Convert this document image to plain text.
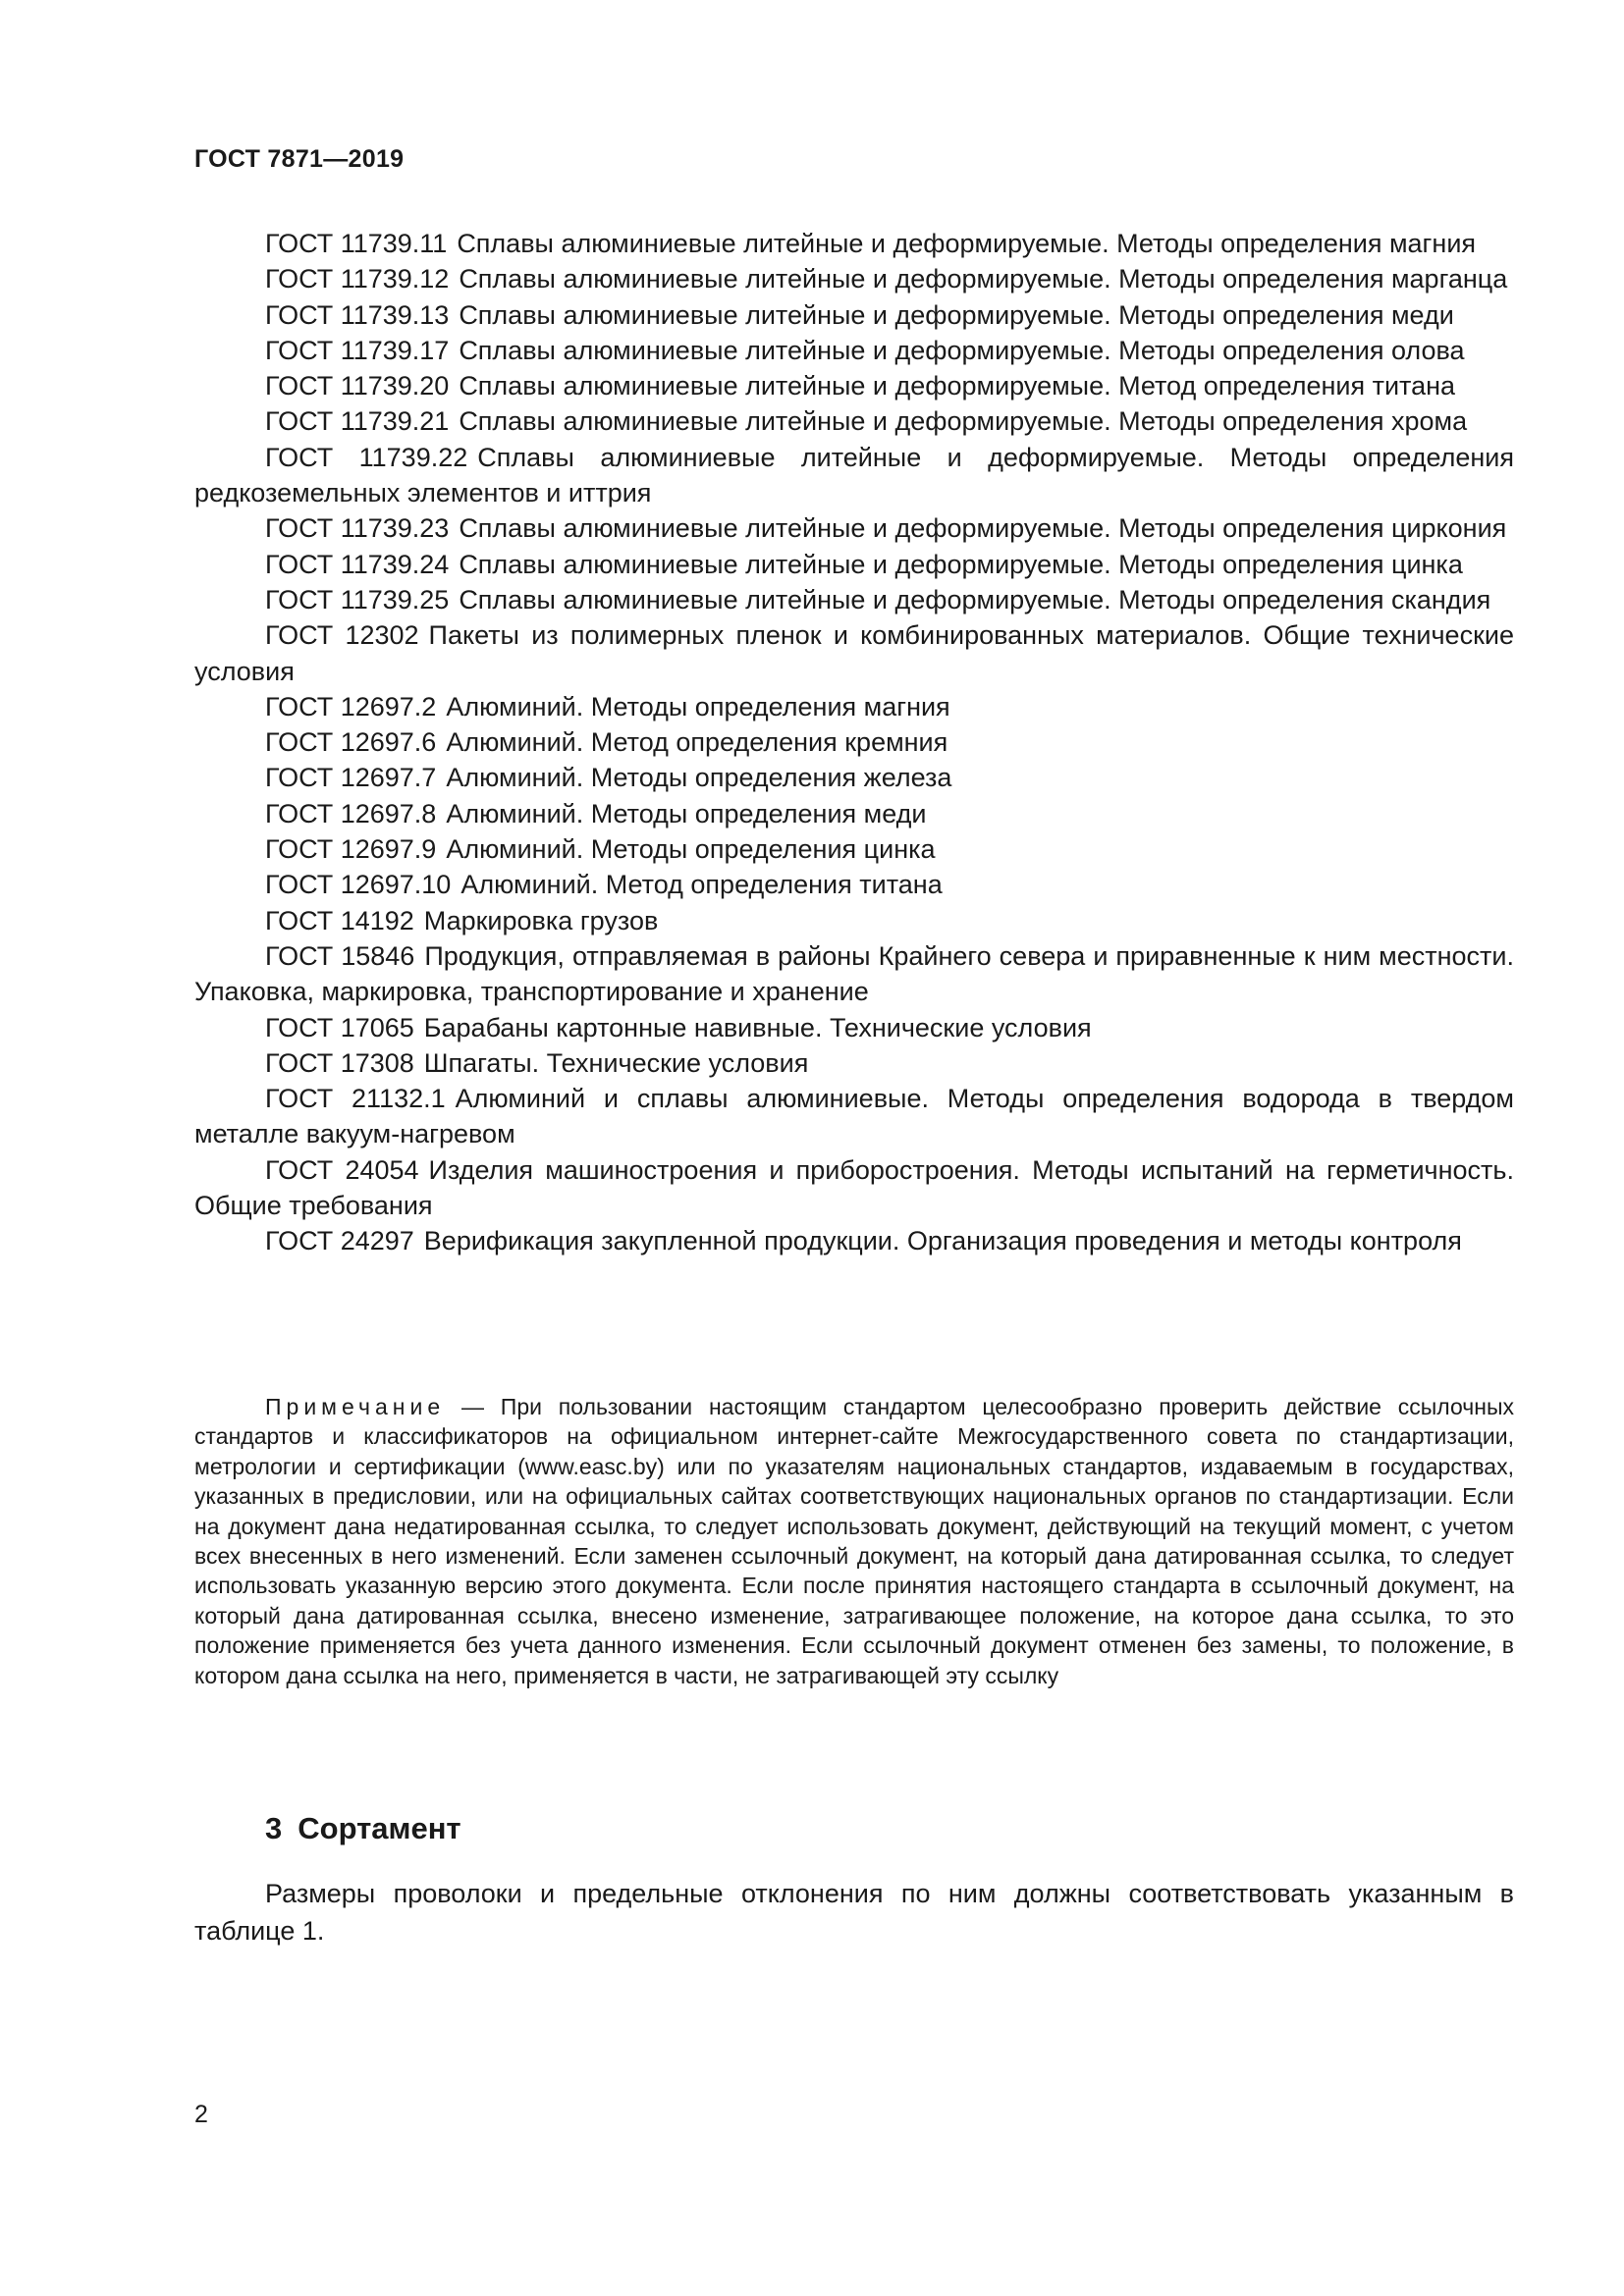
ГОСТ 7871—2019

ГОСТ 11739.11 Сплавы алюминиевые литейные и деформируемые. Методы определения магния

ГОСТ 11739.12 Сплавы алюминиевые литейные и деформируемые. Методы определения марганца

ГОСТ 11739.13 Сплавы алюминиевые литейные и деформируемые. Методы определения меди

ГОСТ 11739.17 Сплавы алюминиевые литейные и деформируемые. Методы определения олова

ГОСТ 11739.20 Сплавы алюминиевые литейные и деформируемые. Метод определения титана

ГОСТ 11739.21 Сплавы алюминиевые литейные и деформируемые. Методы определения хрома

ГОСТ 11739.22 Сплавы алюминиевые литейные и деформируемые. Методы определения редкоземельных элементов и иттрия

ГОСТ 11739.23 Сплавы алюминиевые литейные и деформируемые. Методы определения циркония

ГОСТ 11739.24 Сплавы алюминиевые литейные и деформируемые. Методы определения цинка

ГОСТ 11739.25 Сплавы алюминиевые литейные и деформируемые. Методы определения скандия

ГОСТ 12302 Пакеты из полимерных пленок и комбинированных материалов. Общие технические условия

ГОСТ 12697.2 Алюминий. Методы определения магния

ГОСТ 12697.6 Алюминий. Метод определения кремния

ГОСТ 12697.7 Алюминий. Методы определения железа

ГОСТ 12697.8 Алюминий. Методы определения меди

ГОСТ 12697.9 Алюминий. Методы определения цинка

ГОСТ 12697.10 Алюминий. Метод определения титана

ГОСТ 14192 Маркировка грузов

ГОСТ 15846 Продукция, отправляемая в районы Крайнего севера и приравненные к ним местности. Упаковка, маркировка, транспортирование и хранение

ГОСТ 17065 Барабаны картонные навивные. Технические условия

ГОСТ 17308 Шпагаты. Технические условия

ГОСТ 21132.1 Алюминий и сплавы алюминиевые. Методы определения водорода в твердом металле вакуум-нагревом

ГОСТ 24054 Изделия машиностроения и приборостроения. Методы испытаний на герметичность. Общие требования

ГОСТ 24297 Верификация закупленной продукции. Организация проведения и методы контроля

Примечание — При пользовании настоящим стандартом целесообразно проверить действие ссылочных стандартов и классификаторов на официальном интернет-сайте Межгосударственного совета по стандартизации, метрологии и сертификации (www.easc.by) или по указателям национальных стандартов, издаваемым в государствах, указанных в предисловии, или на официальных сайтах соответствующих национальных органов по стандартизации. Если на документ дана недатированная ссылка, то следует использовать документ, действующий на текущий момент, с учетом всех внесенных в него изменений. Если заменен ссылочный документ, на который дана датированная ссылка, то следует использовать указанную версию этого документа. Если после принятия настоящего стандарта в ссылочный документ, на который дана датированная ссылка, внесено изменение, затрагивающее положение, на которое дана ссылка, то это положение применяется без учета данного изменения. Если ссылочный документ отменен без замены, то положение, в котором дана ссылка на него, применяется в части, не затрагивающей эту ссылку

3 Сортамент

Размеры проволоки и предельные отклонения по ним должны соответствовать указанным в таблице 1.

2
